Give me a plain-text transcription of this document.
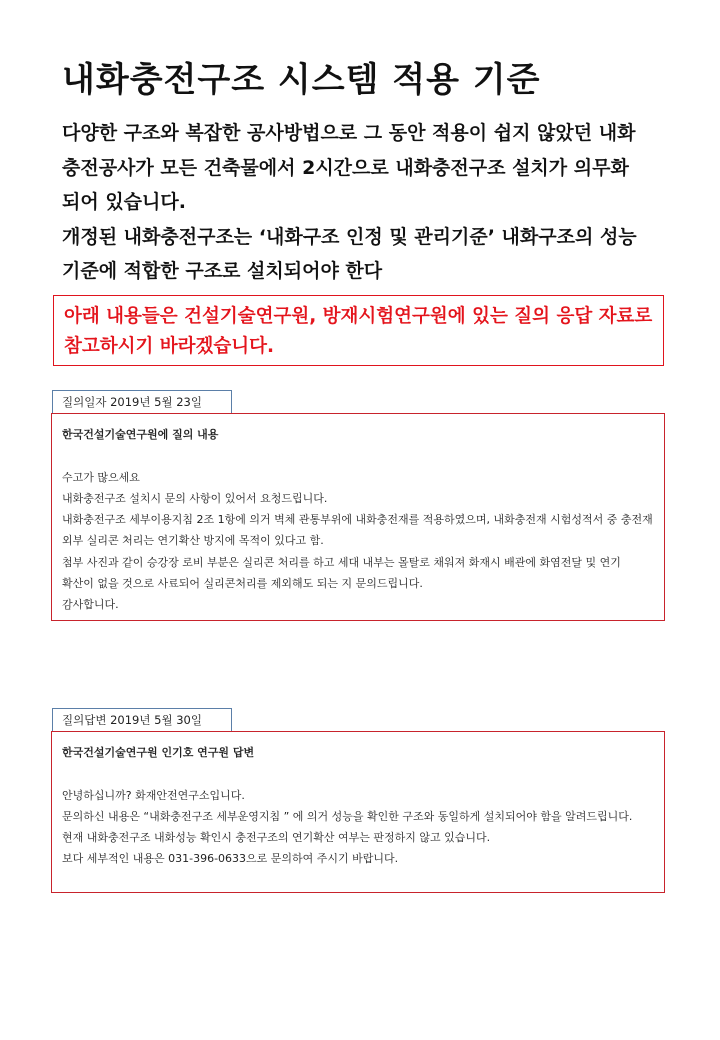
내화충전구조 시스템 적용 기준

다양한 구조와 복잡한 공사방법으로 그 동안 적용이 쉽지 않았던 내화

충전공사가 모든 건축물에서 2시간으로 내화충전구조 설치가 의무화

되어 있습니다.

개정된 내화충전구조는 ‘내화구조 인정 및 관리기준’ 내화구조의 성능

기준에 적합한 구조로 설치되어야 한다

아래 내용들은 건설기술연구원, 방재시험연구원에 있는 질의 응답 자료로

참고하시기 바라겠습니다.

질의일자 2019년 5월 23일

한국건설기술연구원에 질의 내용

수고가 많으세요

내화충전구조 설치시 문의 사항이 있어서 요청드립니다.

내화충전구조 세부이용지침 2조 1항에 의거 벽체 관통부위에 내화충전재를 적용하였으며, 내화충전재 시험성적서 중 충전재 외부 실리콘 처리는 연기확산 방지에 목적이 있다고 함.

첨부 사진과 같이 승강장 로비 부분은 실리콘 처리를 하고 세대 내부는 몰탈로 채워져 화재시 배관에 화염전달 및 연기 확산이 없을 것으로 사료되어 실리콘처리를 제외해도 되는 지 문의드립니다.

감사합니다.

질의답변 2019년 5월 30일

한국건설기술연구원 인기호 연구원 답변

안녕하십니까? 화재안전연구소입니다.

문의하신 내용은 “내화충전구조 세부운영지침 ” 에 의거 성능을 확인한 구조와 동일하게 설치되어야 함을 알려드립니다. 현재 내화충전구조 내화성능 확인시 충전구조의 연기확산 여부는 판정하지 않고 있습니다.

보다 세부적인 내용은 031-396-0633으로 문의하여 주시기 바랍니다.
